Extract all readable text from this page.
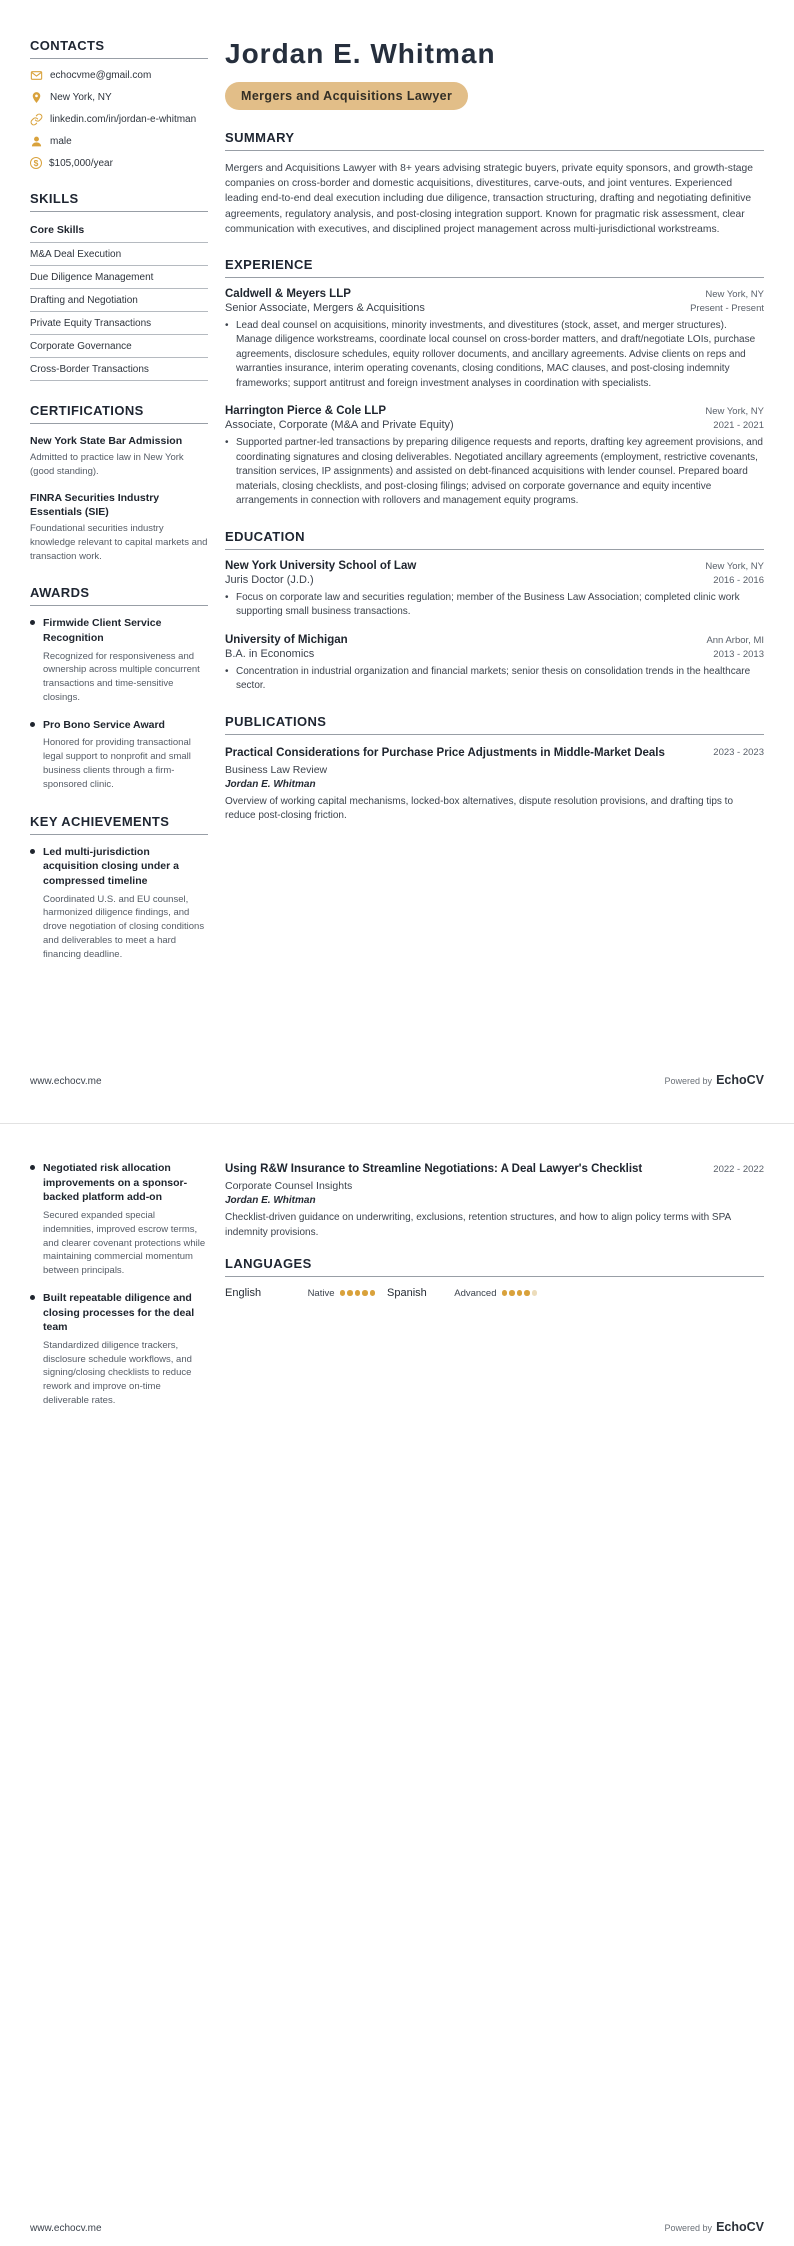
CONTACTS
echocvme@gmail.com
New York, NY
linkedin.com/in/jordan-e-whitman
male
$
$105,000/year
SKILLS
Core Skills
M&A Deal Execution
Due Diligence Management
Drafting and Negotiation
Private Equity Transactions
Corporate Governance
Cross-Border Transactions
CERTIFICATIONS
New York State Bar Admission
Admitted to practice law in New York (good standing).
FINRA Securities Industry Essentials (SIE)
Foundational securities industry knowledge relevant to capital markets and transaction work.
AWARDS
Firmwide Client Service Recognition
Recognized for responsiveness and ownership across multiple concurrent transactions and time-sensitive closings.
Pro Bono Service Award
Honored for providing transactional legal support to nonprofit and small business clients through a firm-sponsored clinic.
KEY ACHIEVEMENTS
Led multi-jurisdiction acquisition closing under a compressed timeline
Coordinated U.S. and EU counsel, harmonized diligence findings, and drove negotiation of closing conditions and deliverables to meet a hard financing deadline.
Jordan E. Whitman
Mergers and Acquisitions Lawyer
SUMMARY

Mergers and Acquisitions Lawyer with 8+ years advising strategic buyers, private equity sponsors, and growth-stage companies on cross-border and domestic acquisitions, divestitures, carve-outs, and joint ventures. Experienced leading end-to-end deal execution including due diligence, transaction structuring, drafting and negotiating definitive agreements, regulatory analysis, and post-closing integration support. Known for pragmatic risk assessment, clear communication with executives, and disciplined project management across multi-jurisdictional workstreams.

EXPERIENCE
Caldwell & Meyers LLP	New York, NY
Senior Associate, Mergers & Acquisitions	Present - Present
• Lead deal counsel on acquisitions, minority investments, and divestitures (stock, asset, and merger structures). Manage diligence workstreams, coordinate local counsel on cross-border matters, and draft/negotiate LOIs, purchase agreements, disclosure schedules, equity rollover documents, and ancillary agreements. Advise clients on reps and warranties insurance, interim operating covenants, closing conditions, MAC clauses, and post-closing indemnity frameworks; support antitrust and foreign investment analyses in coordination with specialists.
Harrington Pierce & Cole LLP	New York, NY
Associate, Corporate (M&A and Private Equity)	2021 - 2021
• Supported partner-led transactions by preparing diligence requests and reports, drafting key agreement provisions, and coordinating signatures and closing deliverables. Negotiated ancillary agreements (employment, restrictive covenants, transition services, IP assignments) and assisted on debt-financed acquisitions with lender counsel. Prepared board materials, closing checklists, and post-closing filings; advised on corporate governance and equity incentive arrangements in connection with rollovers and management equity programs.
EDUCATION
New York University School of Law	New York, NY
Juris Doctor (J.D.)	2016 - 2016
• Focus on corporate law and securities regulation; member of the Business Law Association; completed clinic work supporting small business transactions.
University of Michigan	Ann Arbor, MI
B.A. in Economics	2013 - 2013
• Concentration in industrial organization and financial markets; senior thesis on consolidation trends in the healthcare sector.
PUBLICATIONS
Practical Considerations for Purchase Price Adjustments in Middle-Market Deals	2023 - 2023
Business Law Review
Jordan E. Whitman
Overview of working capital mechanisms, locked-box alternatives, dispute resolution provisions, and drafting tips to reduce post-closing friction.
www.echocv.me	Powered by EchoCV
Negotiated risk allocation improvements on a sponsor-backed platform add-on
Secured expanded special indemnities, improved escrow terms, and clearer covenant protections while maintaining commercial momentum between principals.
Built repeatable diligence and closing processes for the deal team
Standardized diligence trackers, disclosure schedule workflows, and signing/closing checklists to reduce rework and improve on-time deliverable rates.
Using R&W Insurance to Streamline Negotiations: A Deal Lawyer's Checklist	2022 - 2022
Corporate Counsel Insights
Jordan E. Whitman
Checklist-driven guidance on underwriting, exclusions, retention structures, and how to align policy terms with SPA indemnity provisions.
LANGUAGES
English	Native	Spanish	Advanced
www.echocv.me	Powered by EchoCV
